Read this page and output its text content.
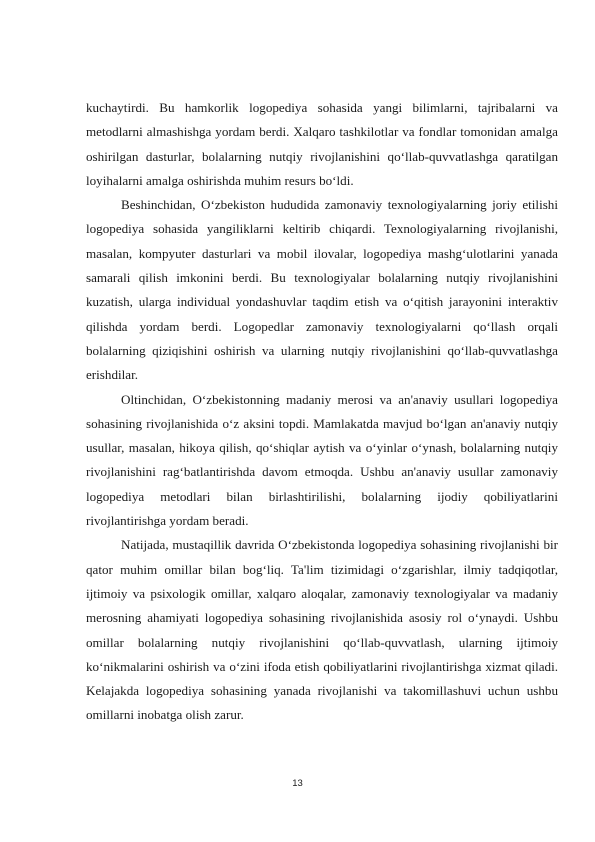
kuchaytirdi. Bu hamkorlik logopediya sohasida yangi bilimlarni, tajribalarni va metodlarni almashishga yordam berdi. Xalqaro tashkilotlar va fondlar tomonidan amalga oshirilgan dasturlar, bolalarning nutqiy rivojlanishini qo‘llab-quvvatlashga qaratilgan loyihalarni amalga oshirishda muhim resurs bo‘ldi.

Beshinchidan, O‘zbekiston hududida zamonaviy texnologiyalarning joriy etilishi logopediya sohasida yangiliklarni keltirib chiqardi. Texnologiyalarning rivojlanishi, masalan, kompyuter dasturlari va mobil ilovalar, logopediya mashg‘ulotlarini yanada samarali qilish imkonini berdi. Bu texnologiyalar bolalarning nutqiy rivojlanishini kuzatish, ularga individual yondashuvlar taqdim etish va o‘qitish jarayonini interaktiv qilishda yordam berdi. Logopedlar zamonaviy texnologiyalarni qo‘llash orqali bolalarning qiziqishini oshirish va ularning nutqiy rivojlanishini qo‘llab-quvvatlashga erishdilar.

Oltinchidan, O‘zbekistonning madaniy merosi va an'anaviy usullari logopediya sohasining rivojlanishida o‘z aksini topdi. Mamlakatda mavjud bo‘lgan an'anaviy nutqiy usullar, masalan, hikoya qilish, qo‘shiqlar aytish va o‘yinlar o‘ynash, bolalarning nutqiy rivojlanishini rag‘batlantirishda davom etmoqda. Ushbu an'anaviy usullar zamonaviy logopediya metodlari bilan birlashtirilishi, bolalarning ijodiy qobiliyatlarini rivojlantirishga yordam beradi.

Natijada, mustaqillik davrida O‘zbekistonda logopediya sohasining rivojlanishi bir qator muhim omillar bilan bog‘liq. Ta'lim tizimidagi o‘zgarishlar, ilmiy tadqiqotlar, ijtimoiy va psixologik omillar, xalqaro aloqalar, zamonaviy texnologiyalar va madaniy merosning ahamiyati logopediya sohasining rivojlanishida asosiy rol o‘ynaydi. Ushbu omillar bolalarning nutqiy rivojlanishini qo‘llab-quvvatlash, ularning ijtimoiy ko‘nikmalarini oshirish va o‘zini ifoda etish qobiliyatlarini rivojlantirishga xizmat qiladi. Kelajakda logopediya sohasining yanada rivojlanishi va takomillashuvi uchun ushbu omillarni inobatga olish zarur.

13
